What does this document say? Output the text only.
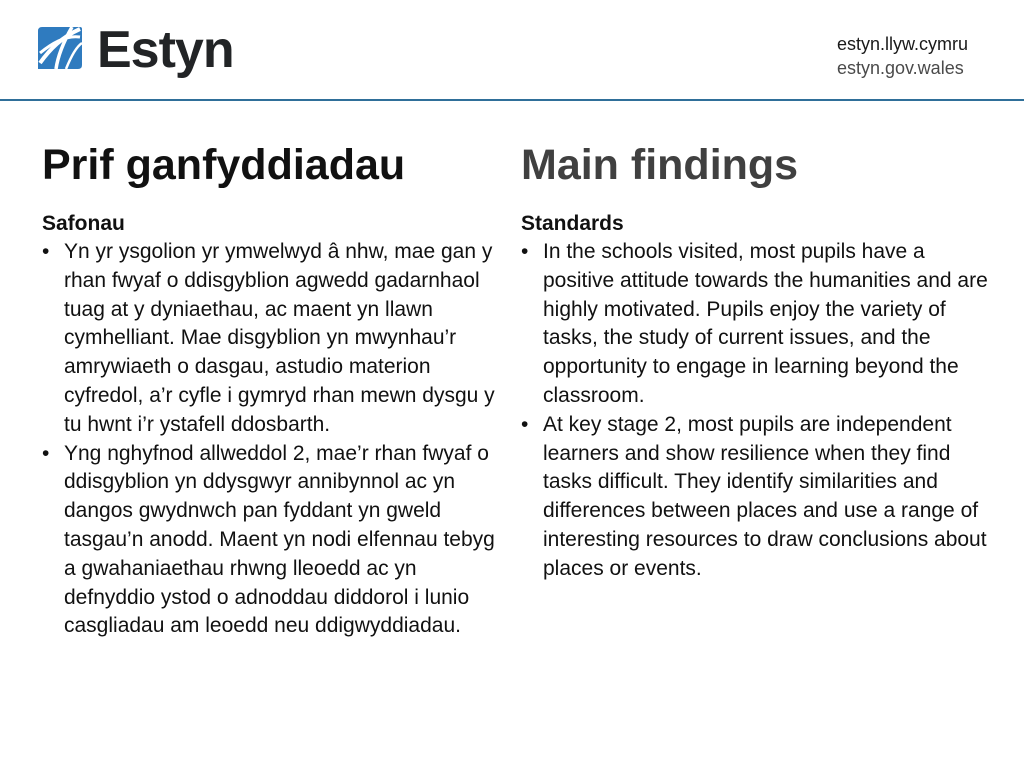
Estyn	estyn.llyw.cymru
estyn.gov.wales
Prif ganfyddiadau
Safonau
• Yn yr ysgolion yr ymwelwyd â nhw, mae gan y rhan fwyaf o ddisgyblion agwedd gadarnhaol tuag at y dyniaethau, ac maent yn llawn cymhelliant. Mae disgyblion yn mwynhau’r amrywiaeth o dasgau, astudio materion cyfredol, a’r cyfle i gymryd rhan mewn dysgu y tu hwnt i’r ystafell ddosbarth.
• Yng nghyfnod allweddol 2, mae’r rhan fwyaf o ddisgyblion yn ddysgwyr annibynnol ac yn dangos gwydnwch pan fyddant yn gweld tasgau’n anodd. Maent yn nodi elfennau tebyg a gwahaniaethau rhwng lleoedd ac yn defnyddio ystod o adnoddau diddorol i lunio casgliadau am leoedd neu ddigwyddiadau.
Main findings
Standards
• In the schools visited, most pupils have a positive attitude towards the humanities and are highly motivated. Pupils enjoy the variety of tasks, the study of current issues, and the opportunity to engage in learning beyond the classroom.
• At key stage 2, most pupils are independent learners and show resilience when they find tasks difficult. They identify similarities and differences between places and use a range of interesting resources to draw conclusions about places or events.
